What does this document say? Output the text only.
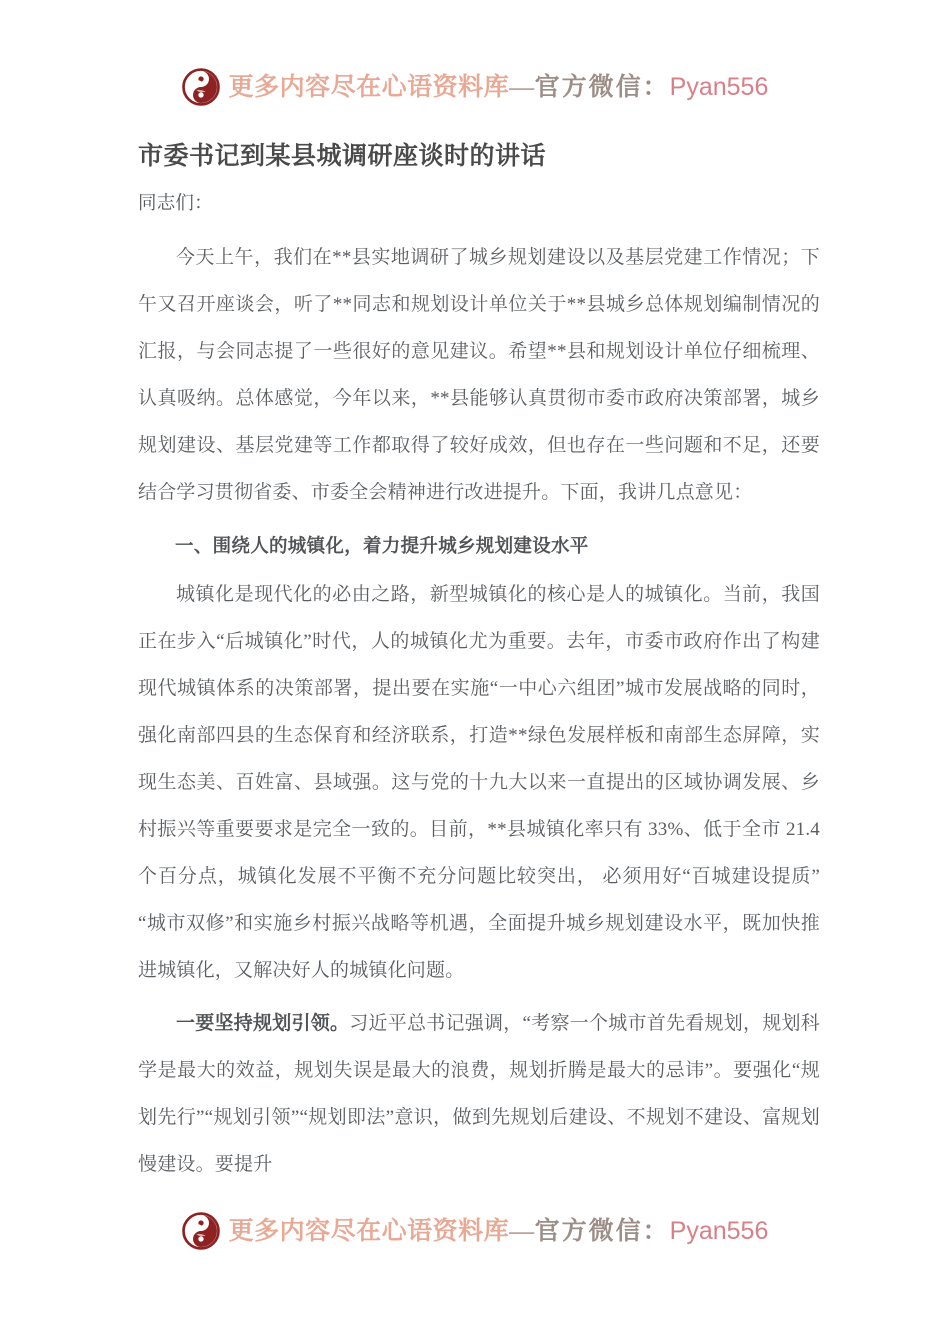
更多内容尽在心语资料库 — 官方微信： Pyan556
市委书记到某县城调研座谈时的讲话

同志们：

今天上午，我们在**县实地调研了城乡规划建设以及基层党建工作情况；下午又召开座谈会，听了**同志和规划设计单位关于**县城乡总体规划编制情况的汇报，与会同志提了一些很好的意见建议。希望**县和规划设计单位仔细梳理、认真吸纳。总体感觉，今年以来，**县能够认真贯彻市委市政府决策部署，城乡规划建设、基层党建等工作都取得了较好成效，但也存在一些问题和不足，还要结合学习贯彻省委、市委全会精神进行改进提升。下面，我讲几点意见：

一、围绕人的城镇化，着力提升城乡规划建设水平

城镇化是现代化的必由之路，新型城镇化的核心是人的城镇化。当前，我国正在步入“后城镇化”时代，人的城镇化尤为重要。去年，市委市政府作出了构建现代城镇体系的决策部署，提出要在实施“一中心六组团”城市发展战略的同时，强化南部四县的生态保育和经济联系，打造**绿色发展样板和南部生态屏障，实现生态美、百姓富、县域强。这与党的十九大以来一直提出的区域协调发展、乡村振兴等重要要求是完全一致的。目前，**县城镇化率只有 33%、低于全市 21.4 个百分点，城镇化发展不平衡不充分问题比较突出， 必须用好“百城建设提质”“城市双修”和实施乡村振兴战略等机遇，全面提升城乡规划建设水平，既加快推进城镇化，又解决好人的城镇化问题。

一要坚持规划引领。习近平总书记强调，“考察一个城市首先看规划，规划科学是最大的效益，规划失误是最大的浪费，规划折腾是最大的忌讳”。要强化“规划先行”“规划引领”“规划即法”意识，做到先规划后建设、不规划不建设、富规划慢建设。要提升

更多内容尽在心语资料库 — 官方微信： Pyan556
